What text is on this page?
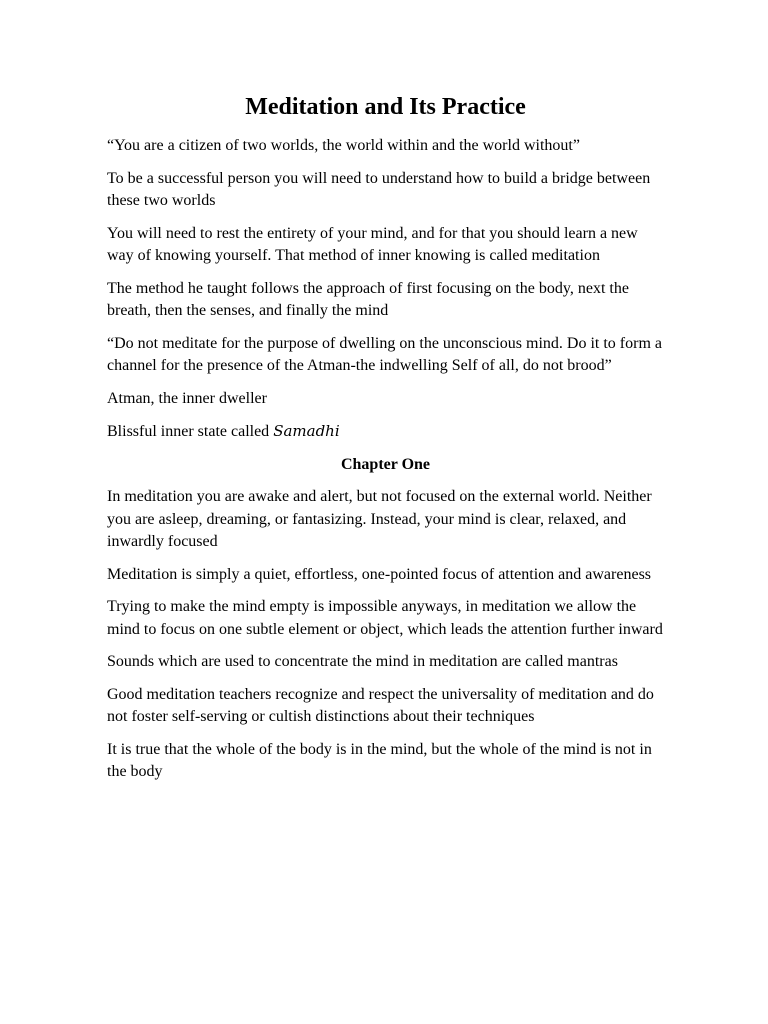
Meditation and Its Practice

“You are a citizen of two worlds, the world within and the world without”

To be a successful person you will need to understand how to build a bridge between these two worlds

You will need to rest the entirety of your mind, and for that you should learn a new way of knowing yourself. That method of inner knowing is called meditation

The method he taught follows the approach of first focusing on the body, next the breath, then the senses, and finally the mind

“Do not meditate for the purpose of dwelling on the unconscious mind. Do it to form a channel for the presence of the Atman-the indwelling Self of all, do not brood”

Atman, the inner dweller

Blissful inner state called Samadhi

Chapter One

In meditation you are awake and alert, but not focused on the external world. Neither you are asleep, dreaming, or fantasizing. Instead, your mind is clear, relaxed, and inwardly focused

Meditation is simply a quiet, effortless, one-pointed focus of attention and awareness

Trying to make the mind empty is impossible anyways, in meditation we allow the mind to focus on one subtle element or object, which leads the attention further inward

Sounds which are used to concentrate the mind in meditation are called mantras

Good meditation teachers recognize and respect the universality of meditation and do not foster self-serving or cultish distinctions about their techniques

It is true that the whole of the body is in the mind, but the whole of the mind is not in the body
